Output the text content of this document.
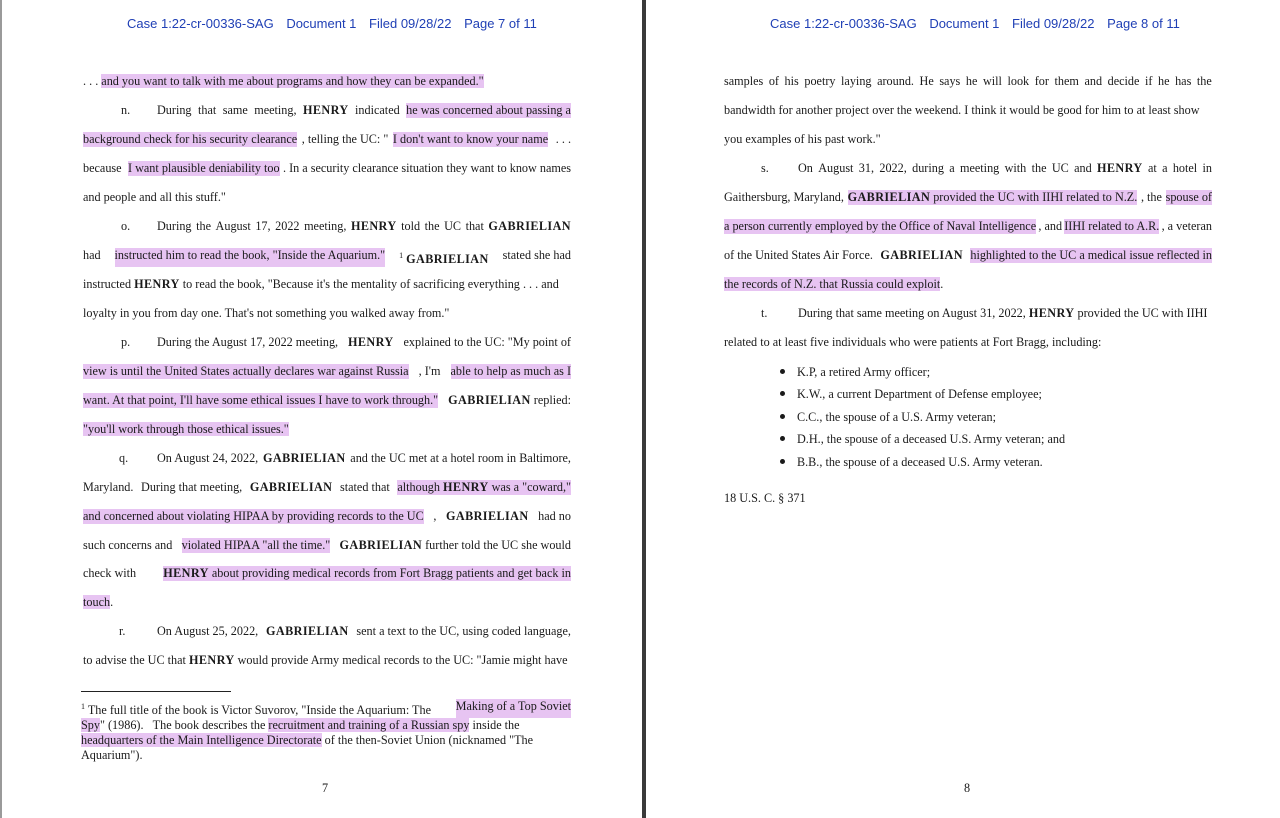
Case 1:22-cr-00336-SAG Document 1 Filed 09/28/22 Page 7 of 11
. . . and you want to talk with me about programs and how they can be expanded."
n. During that same meeting, HENRY indicated he was concerned about passing a
background check for his security clearance , telling the UC: " I don't want to know your name . . .
because I want plausible deniability too . In a security clearance situation they want to know names
and people and all this stuff."
o. During the August 17, 2022 meeting, HENRY told the UC that GABRIELIAN
had instructed him to read the book, "Inside the Aquarium." $^1$ GABRIELIAN stated she had
instructed HENRY to read the book, "Because it's the mentality of sacrificing everything . . . and
loyalty in you from day one. That's not something you walked away from."
p. During the August 17, 2022 meeting, HENRY explained to the UC: "My point of
view is until the United States actually declares war against Russia , I'm able to help as much as I
want. At that point, I'll have some ethical issues I have to work through." GABRIELIAN replied:
"you'll work through those ethical issues."
q. On August 24, 2022, GABRIELIAN and the UC met at a hotel room in Baltimore,
Maryland. During that meeting, GABRIELIAN stated that although HENRY was a "coward,"
and concerned about violating HIPAA by providing records to the UC , GABRIELIAN had no
such concerns and violated HIPAA "all the time." GABRIELIAN further told the UC she would
check with HENRY about providing medical records from Fort Bragg patients and get back in
touch.
r.	On August 25, 2022, GABRIELIAN sent a text to the UC, using coded language,
to advise the UC that HENRY would provide Army medical records to the UC: "Jamie might have
$^1$ The full title of the book is Victor Suvorov, "Inside the Aquarium: The Making of a Top Soviet
Spy" (1986).   The book describes the recruitment and training of a Russian spy inside the
headquarters of the Main Intelligence Directorate of the then-Soviet Union (nicknamed "The
Aquarium").
7
Case 1:22-cr-00336-SAG Document 1 Filed 09/28/22 Page 8 of 11
samples of his poetry laying around. He says he will look for them and decide if he has the
bandwidth for another project over the weekend. I think it would be good for him to at least show
you examples of his past work."
s. On August 31, 2022, during a meeting with the UC and HENRY at a hotel in
Gaithersburg, Maryland, GABRIELIAN provided the UC with IIHI related to N.Z. , the spouse of
a person currently employed by the Office of Naval Intelligence , and IIHI related to A.R. , a veteran
of the United States Air Force. GABRIELIAN highlighted to the UC a medical issue reflected in
the records of N.Z. that Russia could exploit.
t.	During that same meeting on August 31, 2022, HENRY provided the UC with IIHI
related to at least five individuals who were patients at Fort Bragg, including:
K.P, a retired Army officer;
K.W., a current Department of Defense employee;
C.C., the spouse of a U.S. Army veteran;
D.H., the spouse of a deceased U.S. Army veteran; and
B.B., the spouse of a deceased U.S. Army veteran.
18 U.S. C. § 371
8
